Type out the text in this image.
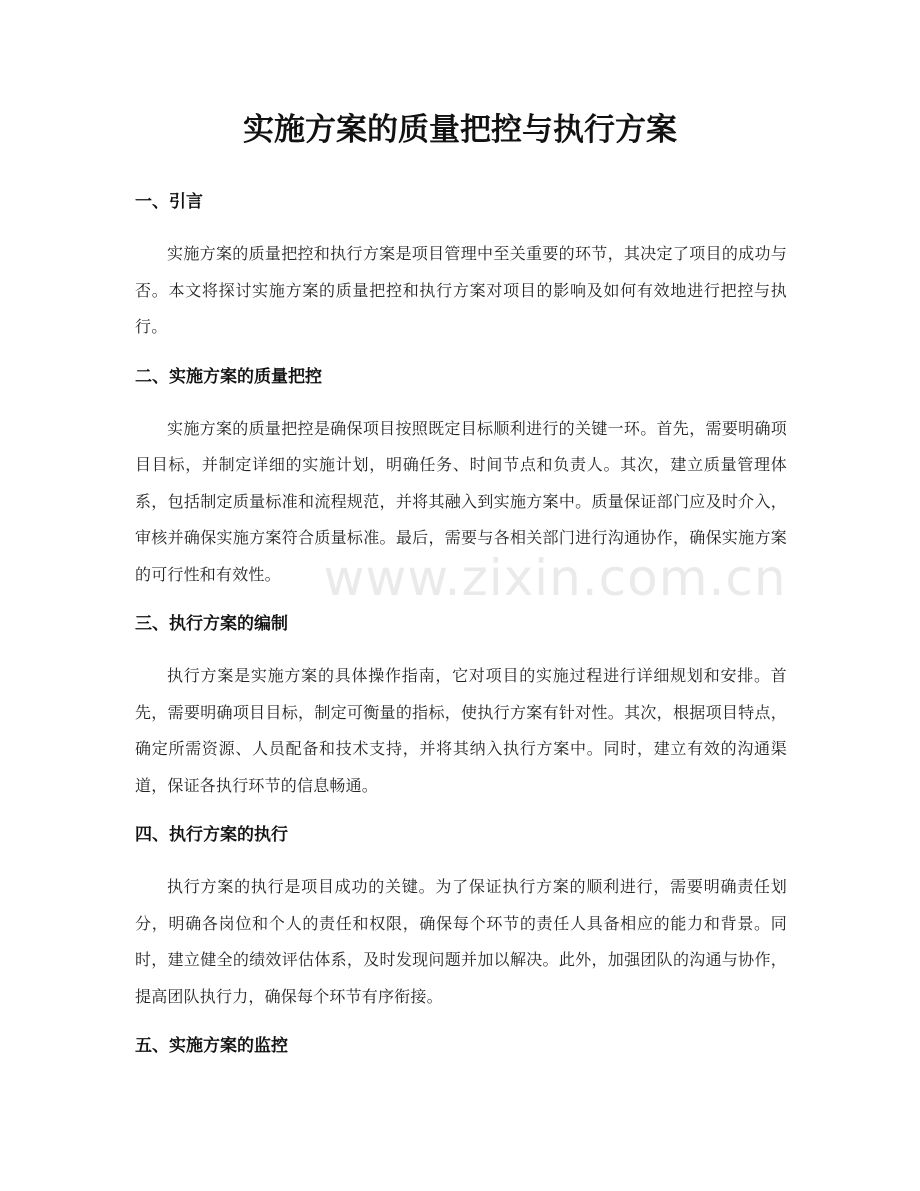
实施方案的质量把控与执行方案
www.zixin.com.cn
一、引言

实施方案的质量把控和执行方案是项目管理中至关重要的环节，其决定了项目的成功与否。本文将探讨实施方案的质量把控和执行方案对项目的影响及如何有效地进行把控与执行。

二、实施方案的质量把控

实施方案的质量把控是确保项目按照既定目标顺利进行的关键一环。首先，需要明确项目目标，并制定详细的实施计划，明确任务、时间节点和负责人。其次，建立质量管理体系，包括制定质量标准和流程规范，并将其融入到实施方案中。质量保证部门应及时介入，审核并确保实施方案符合质量标准。最后，需要与各相关部门进行沟通协作，确保实施方案的可行性和有效性。

三、执行方案的编制

执行方案是实施方案的具体操作指南，它对项目的实施过程进行详细规划和安排。首先，需要明确项目目标，制定可衡量的指标，使执行方案有针对性。其次，根据项目特点，确定所需资源、人员配备和技术支持，并将其纳入执行方案中。同时，建立有效的沟通渠道，保证各执行环节的信息畅通。

四、执行方案的执行

执行方案的执行是项目成功的关键。为了保证执行方案的顺利进行，需要明确责任划分，明确各岗位和个人的责任和权限，确保每个环节的责任人具备相应的能力和背景。同时，建立健全的绩效评估体系，及时发现问题并加以解决。此外，加强团队的沟通与协作，提高团队执行力，确保每个环节有序衔接。

五、实施方案的监控
